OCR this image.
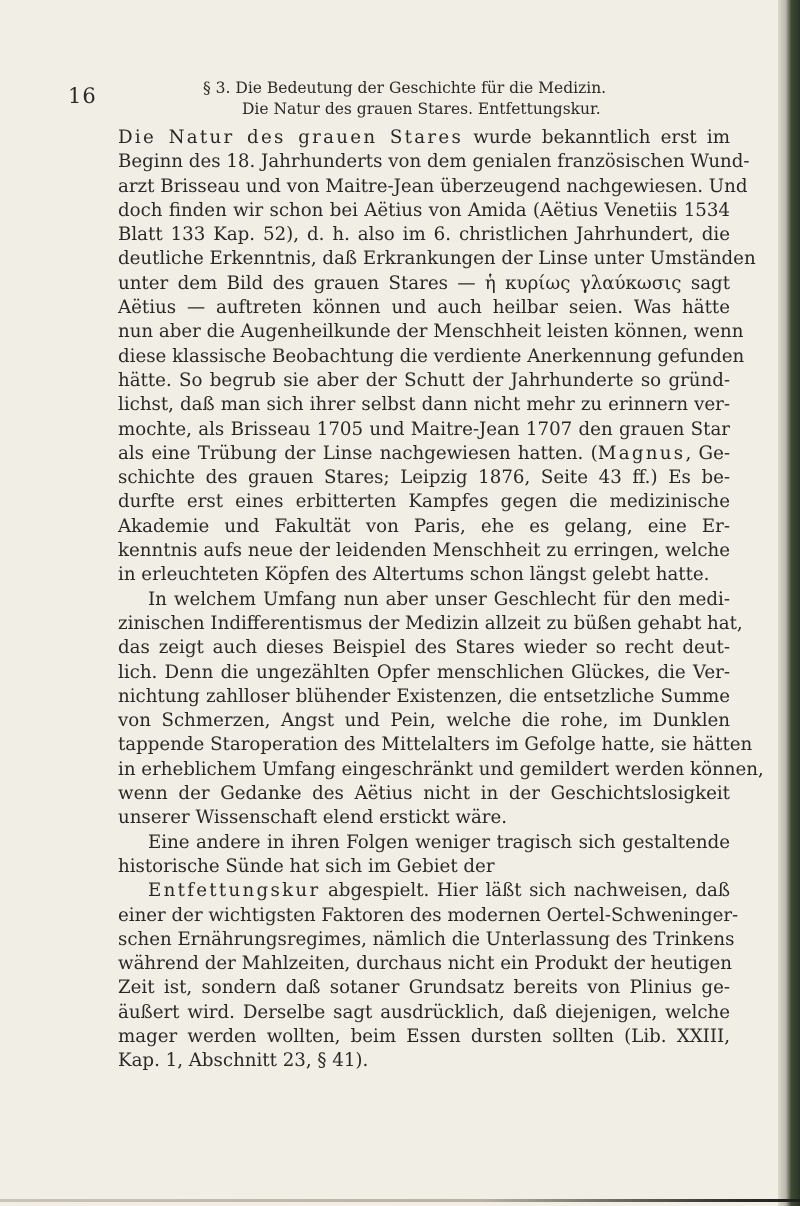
16	§ 3. Die Bedeutung der Geschichte für die Medizin.
Die Natur des grauen Stares. Entfettungskur.
Die Natur des grauen Stares wurde bekanntlich erst im
Beginn des 18. Jahrhunderts von dem genialen französischen Wund-
arzt Brisseau und von Maitre-Jean überzeugend nachgewiesen. Und
doch finden wir schon bei Aëtius von Amida (Aëtius Venetiis 1534
Blatt 133 Kap. 52), d. h. also im 6. christlichen Jahrhundert, die
deutliche Erkenntnis, daß Erkrankungen der Linse unter Umständen
unter dem Bild des grauen Stares — ἡ κυρίως γλαύκωσις sagt
Aëtius — auftreten können und auch heilbar seien. Was hätte
nun aber die Augenheilkunde der Menschheit leisten können, wenn
diese klassische Beobachtung die verdiente Anerkennung gefunden
hätte. So begrub sie aber der Schutt der Jahrhunderte so gründ-
lichst, daß man sich ihrer selbst dann nicht mehr zu erinnern ver-
mochte, als Brisseau 1705 und Maitre-Jean 1707 den grauen Star
als eine Trübung der Linse nachgewiesen hatten. (Magnus, Ge-
schichte des grauen Stares; Leipzig 1876, Seite 43 ff.) Es be-
durfte erst eines erbitterten Kampfes gegen die medizinische
Akademie und Fakultät von Paris, ehe es gelang, eine Er-
kenntnis aufs neue der leidenden Menschheit zu erringen, welche
in erleuchteten Köpfen des Altertums schon längst gelebt hatte.
In welchem Umfang nun aber unser Geschlecht für den medi-
zinischen Indifferentismus der Medizin allzeit zu büßen gehabt hat,
das zeigt auch dieses Beispiel des Stares wieder so recht deut-
lich. Denn die ungezählten Opfer menschlichen Glückes, die Ver-
nichtung zahlloser blühender Existenzen, die entsetzliche Summe
von Schmerzen, Angst und Pein, welche die rohe, im Dunklen
tappende Staroperation des Mittelalters im Gefolge hatte, sie hätten
in erheblichem Umfang eingeschränkt und gemildert werden können,
wenn der Gedanke des Aëtius nicht in der Geschichtslosigkeit
unserer Wissenschaft elend erstickt wäre.
Eine andere in ihren Folgen weniger tragisch sich gestaltende
historische Sünde hat sich im Gebiet der
Entfettungskur abgespielt. Hier läßt sich nachweisen, daß
einer der wichtigsten Faktoren des modernen Oertel-Schweninger-
schen Ernährungsregimes, nämlich die Unterlassung des Trinkens
während der Mahlzeiten, durchaus nicht ein Produkt der heutigen
Zeit ist, sondern daß sotaner Grundsatz bereits von Plinius ge-
äußert wird. Derselbe sagt ausdrücklich, daß diejenigen, welche
mager werden wollten, beim Essen dursten sollten (Lib. XXIII,
Kap. 1, Abschnitt 23, § 41).
